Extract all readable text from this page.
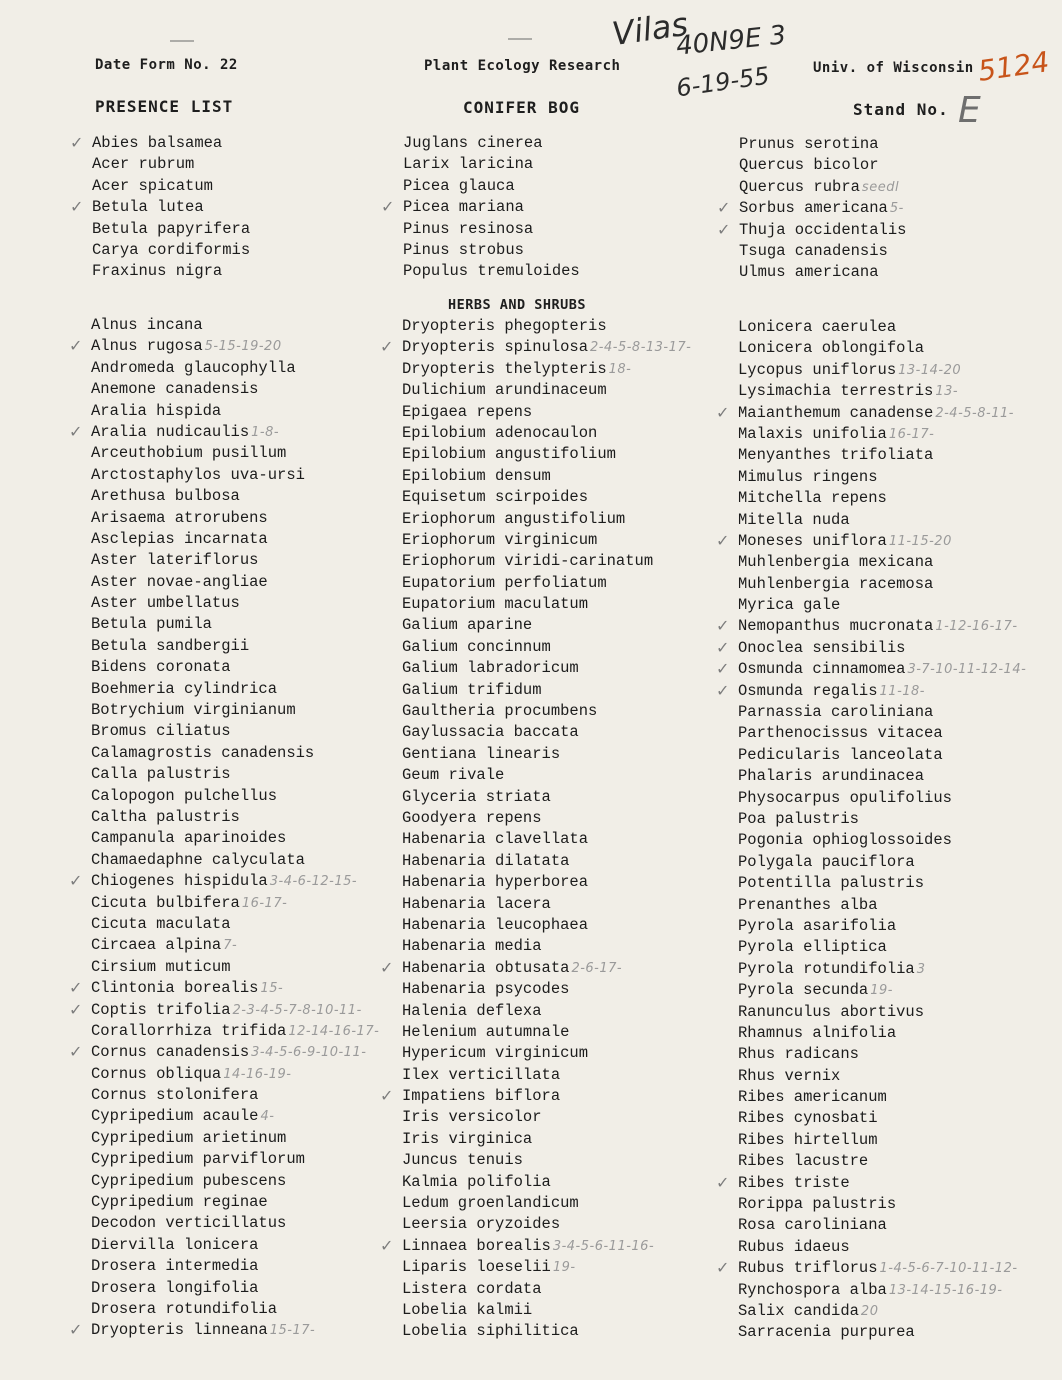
Date Form No. 22	Plant Ecology Research	Univ. of Wisconsin
PRESENCE LIST	CONIFER BOG	Stand No.
Vilas
40N9E 3
6-19-55	5124
E
✓ Abies balsamea
Acer rubrum
Acer spicatum
✓ Betula lutea
Betula papyrifera
Carya cordiformis
Fraxinus nigra
Juglans cinerea
Larix laricina
Picea glauca
✓ Picea mariana
Pinus resinosa
Pinus strobus
Populus tremuloides
Prunus serotina
Quercus bicolor
Quercus rubra seedl
✓ Sorbus americana 5-
✓ Thuja occidentalis
Tsuga canadensis
Ulmus americana
HERBS AND SHRUBS
Alnus incana
✓ Alnus rugosa 5-15-19-20
Andromeda glaucophylla
Anemone canadensis
Aralia hispida
✓ Aralia nudicaulis 1-8-
Arceuthobium pusillum
Arctostaphylos uva-ursi
Arethusa bulbosa
Arisaema atrorubens
Asclepias incarnata
Aster lateriflorus
Aster novae-angliae
Aster umbellatus
Betula pumila
Betula sandbergii
Bidens coronata
Boehmeria cylindrica
Botrychium virginianum
Bromus ciliatus
Calamagrostis canadensis
Calla palustris
Calopogon pulchellus
Caltha palustris
Campanula aparinoides
Chamaedaphne calyculata
✓ Chiogenes hispidula 3-4-6-12-15-
Cicuta bulbifera 16-17-
Cicuta maculata
Circaea alpina 7-
Cirsium muticum
✓ Clintonia borealis 15-
✓ Coptis trifolia 2-3-4-5-7-8-10-11-
Corallorrhiza trifida 12-14-16-17-
✓ Cornus canadensis 3-4-5-6-9-10-11-
Cornus obliqua 14-16-19-
Cornus stolonifera
Cypripedium acaule 4-
Cypripedium arietinum
Cypripedium parviflorum
Cypripedium pubescens
Cypripedium reginae
Decodon verticillatus
Diervilla lonicera
Drosera intermedia
Drosera longifolia
Drosera rotundifolia
✓ Dryopteris linneana 15-17-
Dryopteris phegopteris
✓ Dryopteris spinulosa 2-4-5-8-13-17-
Dryopteris thelypteris 18-
Dulichium arundinaceum
Epigaea repens
Epilobium adenocaulon
Epilobium angustifolium
Epilobium densum
Equisetum scirpoides
Eriophorum angustifolium
Eriophorum virginicum
Eriophorum viridi-carinatum
Eupatorium perfoliatum
Eupatorium maculatum
Galium aparine
Galium concinnum
Galium labradoricum
Galium trifidum
Gaultheria procumbens
Gaylussacia baccata
Gentiana linearis
Geum rivale
Glyceria striata
Goodyera repens
Habenaria clavellata
Habenaria dilatata
Habenaria hyperborea
Habenaria lacera
Habenaria leucophaea
Habenaria media
✓ Habenaria obtusata 2-6-17-
Habenaria psycodes
Halenia deflexa
Helenium autumnale
Hypericum virginicum
Ilex verticillata
✓ Impatiens biflora
Iris versicolor
Iris virginica
Juncus tenuis
Kalmia polifolia
Ledum groenlandicum
Leersia oryzoides
✓ Linnaea borealis 3-4-5-6-11-16-
Liparis loeselii 19-
Listera cordata
Lobelia kalmii
Lobelia siphilitica
Lonicera caerulea
Lonicera oblongifola
Lycopus uniflorus 13-14-20
Lysimachia terrestris 13-
✓ Maianthemum canadense 2-4-5-8-11-
Malaxis unifolia 16-17-
Menyanthes trifoliata
Mimulus ringens
Mitchella repens
Mitella nuda
✓ Moneses uniflora 11-15-20
Muhlenbergia mexicana
Muhlenbergia racemosa
Myrica gale
✓ Nemopanthus mucronata 1-12-16-17-
✓ Onoclea sensibilis
✓ Osmunda cinnamomea 3-7-10-11-12-14-
✓ Osmunda regalis 11-18-
Parnassia caroliniana
Parthenocissus vitacea
Pedicularis lanceolata
Phalaris arundinacea
Physocarpus opulifolius
Poa palustris
Pogonia ophioglossoides
Polygala pauciflora
Potentilla palustris
Prenanthes alba
Pyrola asarifolia
Pyrola elliptica
Pyrola rotundifolia 3
Pyrola secunda 19-
Ranunculus abortivus
Rhamnus alnifolia
Rhus radicans
Rhus vernix
Ribes americanum
Ribes cynosbati
Ribes hirtellum
Ribes lacustre
✓ Ribes triste
Rorippa palustris
Rosa caroliniana
Rubus idaeus
✓ Rubus triflorus 1-4-5-6-7-10-11-12-
Rynchospora alba 13-14-15-16-19-
Salix candida 20
Sarracenia purpurea
